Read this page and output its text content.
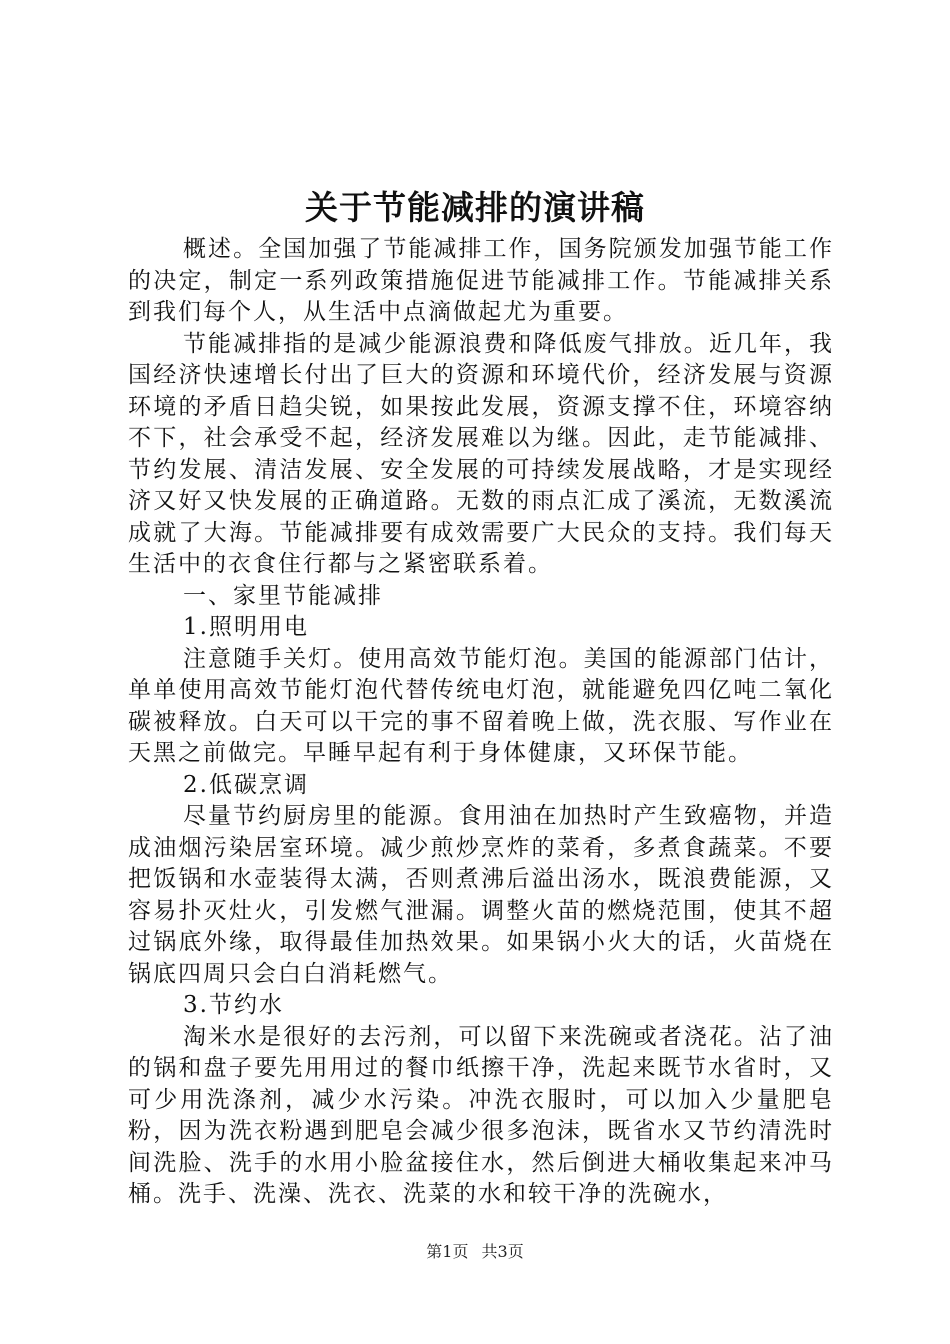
关于节能减排的演讲稿

概述。全国加强了节能减排工作，国务院颁发加强节能工作的决定，制定一系列政策措施促进节能减排工作。节能减排关系到我们每个人，从生活中点滴做起尤为重要。

节能减排指的是减少能源浪费和降低废气排放。近几年，我国经济快速增长付出了巨大的资源和环境代价，经济发展与资源环境的矛盾日趋尖锐，如果按此发展，资源支撑不住，环境容纳不下，社会承受不起，经济发展难以为继。因此，走节能减排、节约发展、清洁发展、安全发展的可持续发展战略，才是实现经济又好又快发展的正确道路。无数的雨点汇成了溪流，无数溪流成就了大海。节能减排要有成效需要广大民众的支持。我们每天生活中的衣食住行都与之紧密联系着。

一、家里节能减排

1.照明用电

注意随手关灯。使用高效节能灯泡。美国的能源部门估计，单单使用高效节能灯泡代替传统电灯泡，就能避免四亿吨二氧化碳被释放。白天可以干完的事不留着晚上做，洗衣服、写作业在天黑之前做完。早睡早起有利于身体健康，又环保节能。

2.低碳烹调

尽量节约厨房里的能源。食用油在加热时产生致癌物，并造成油烟污染居室环境。减少煎炒烹炸的菜肴，多煮食蔬菜。不要把饭锅和水壶装得太满，否则煮沸后溢出汤水，既浪费能源，又容易扑灭灶火，引发燃气泄漏。调整火苗的燃烧范围，使其不超过锅底外缘，取得最佳加热效果。如果锅小火大的话，火苗烧在锅底四周只会白白消耗燃气。

3.节约水

淘米水是很好的去污剂，可以留下来洗碗或者浇花。沾了油的锅和盘子要先用用过的餐巾纸擦干净，洗起来既节水省时，又可少用洗涤剂，减少水污染。冲洗衣服时，可以加入少量肥皂粉，因为洗衣粉遇到肥皂会减少很多泡沫，既省水又节约清洗时间洗脸、洗手的水用小脸盆接住水，然后倒进大桶收集起来冲马桶。洗手、洗澡、洗衣、洗菜的水和较干净的洗碗水，

第1页 共3页
